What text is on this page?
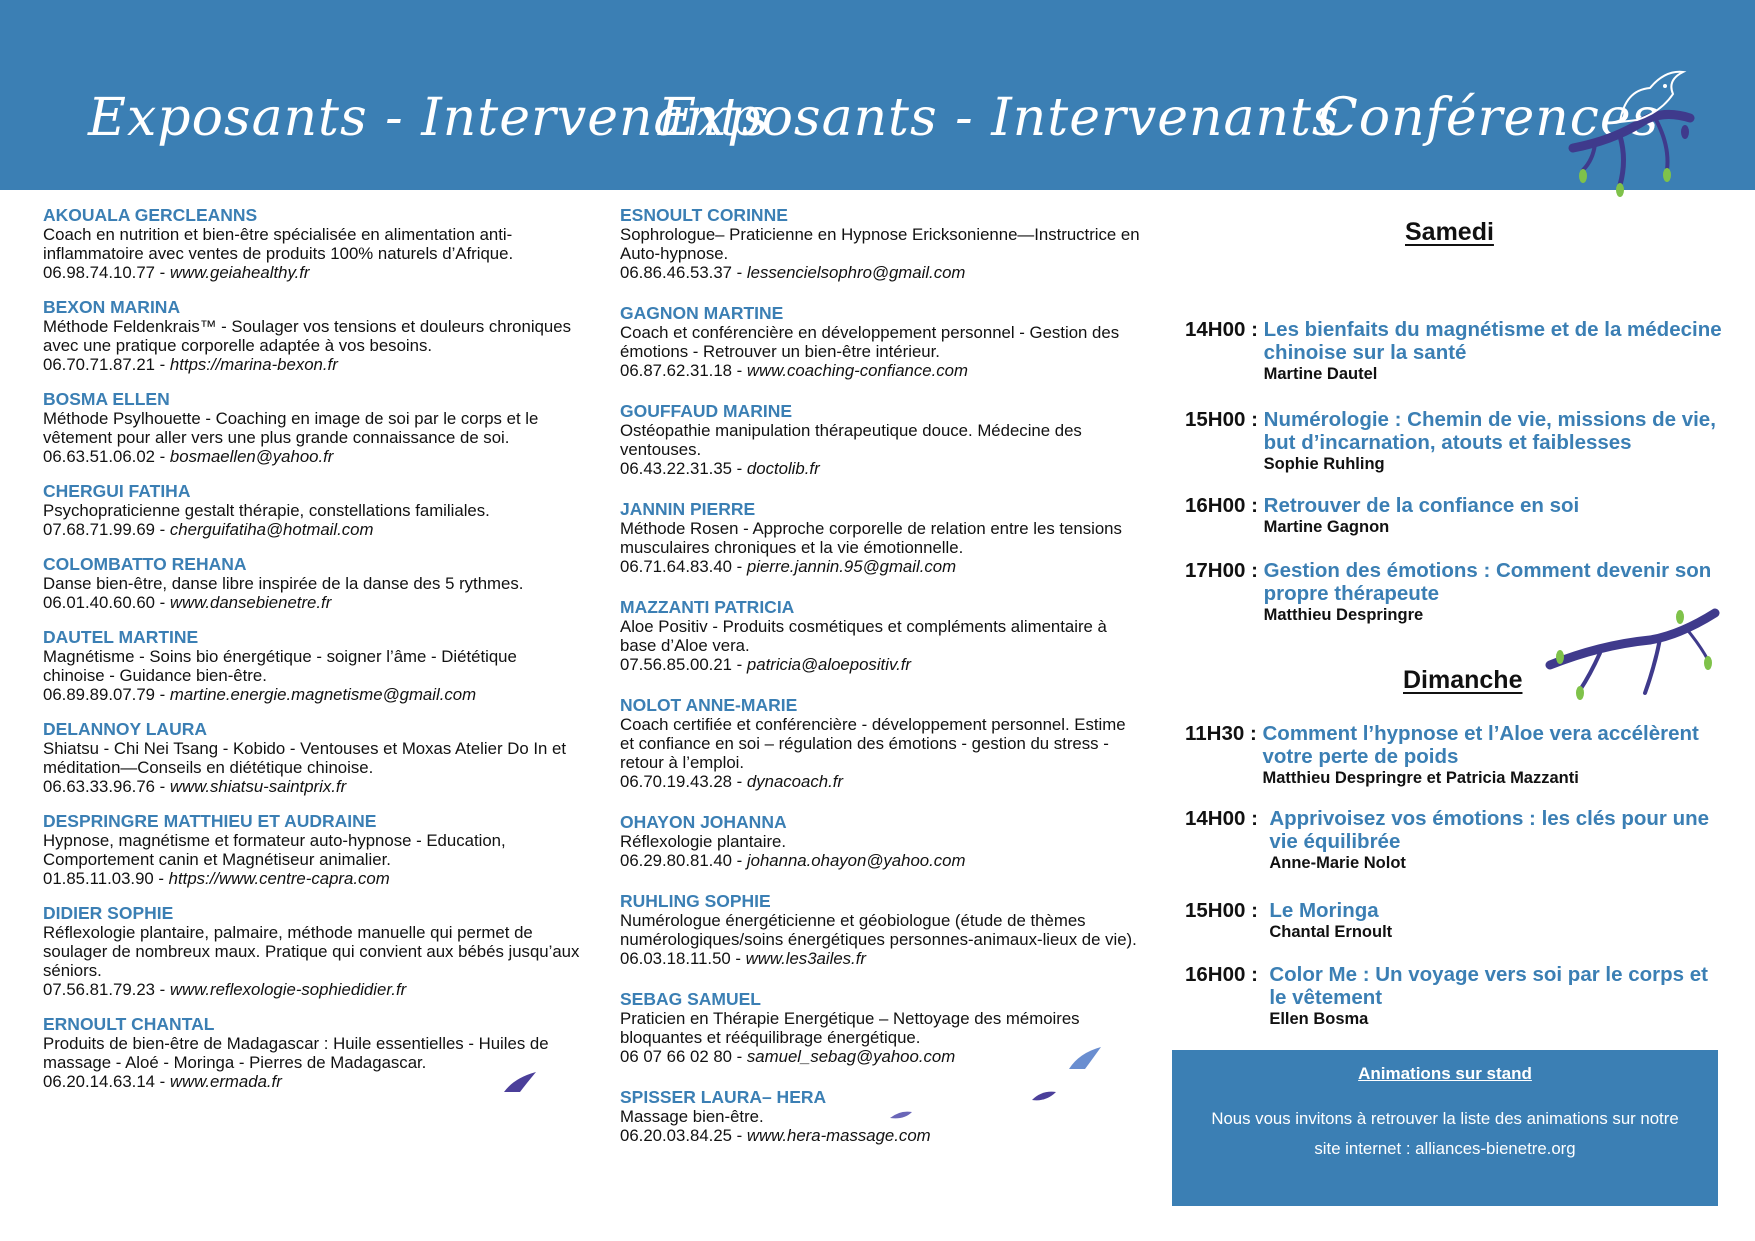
Exposants - Intervenants
Exposants - Intervenants
Conférences
AKOUALA GERCLEANNS
Coach en nutrition et bien-être spécialisée en alimentation anti-inflammatoire avec ventes de produits 100% naturels d’Afrique.
06.98.74.10.77 - www.geiahealthy.fr
BEXON MARINA
Méthode Feldenkrais™ - Soulager vos tensions et douleurs chroniques avec une pratique corporelle adaptée à vos besoins.
06.70.71.87.21 - https://marina-bexon.fr
BOSMA ELLEN
Méthode Psylhouette - Coaching en image de soi par le corps et le vêtement pour aller vers une plus grande connaissance de soi.
06.63.51.06.02 - bosmaellen@yahoo.fr
CHERGUI FATIHA
Psychopraticienne gestalt thérapie, constellations familiales.
07.68.71.99.69 - cherguifatiha@hotmail.com
COLOMBATTO REHANA
Danse bien-être, danse libre inspirée de la danse des 5 rythmes.
06.01.40.60.60 - www.dansebienetre.fr
DAUTEL MARTINE
Magnétisme - Soins bio énergétique - soigner l’âme - Diététique chinoise - Guidance bien-être.
06.89.89.07.79 - martine.energie.magnetisme@gmail.com
DELANNOY LAURA
Shiatsu - Chi Nei Tsang - Kobido - Ventouses et Moxas Atelier Do In et méditation—Conseils en diététique chinoise.
06.63.33.96.76 - www.shiatsu-saintprix.fr
DESPRINGRE MATTHIEU ET AUDRAINE
Hypnose, magnétisme et formateur auto-hypnose - Education, Comportement canin et Magnétiseur animalier.
01.85.11.03.90 - https://www.centre-capra.com
DIDIER SOPHIE
Réflexologie plantaire, palmaire, méthode manuelle qui permet de soulager de nombreux maux. Pratique qui convient aux bébés jusqu’aux séniors.
07.56.81.79.23 - www.reflexologie-sophiedidier.fr
ERNOULT CHANTAL
Produits de bien-être de Madagascar : Huile essentielles - Huiles de massage - Aloé - Moringa - Pierres de Madagascar.
06.20.14.63.14 - www.ermada.fr
ESNOULT CORINNE
Sophrologue– Praticienne en Hypnose Ericksonienne—Instructrice en Auto-hypnose.
06.86.46.53.37 - lessencielsophro@gmail.com
GAGNON MARTINE
Coach et conférencière en développement personnel - Gestion des émotions - Retrouver un bien-être intérieur.
06.87.62.31.18 - www.coaching-confiance.com
GOUFFAUD MARINE
Ostéopathie manipulation thérapeutique douce. Médecine des ventouses.
06.43.22.31.35 - doctolib.fr
JANNIN PIERRE
Méthode Rosen - Approche corporelle de relation entre les tensions musculaires chroniques et la vie émotionnelle.
06.71.64.83.40 - pierre.jannin.95@gmail.com
MAZZANTI PATRICIA
Aloe Positiv - Produits cosmétiques et compléments alimentaire à base d’Aloe vera.
07.56.85.00.21 - patricia@aloepositiv.fr
NOLOT ANNE-MARIE
Coach certifiée et conférencière - développement personnel. Estime et confiance en soi – régulation des émotions - gestion du stress - retour à l’emploi.
06.70.19.43.28 - dynacoach.fr
OHAYON JOHANNA
Réflexologie plantaire.
06.29.80.81.40 - johanna.ohayon@yahoo.com
RUHLING SOPHIE
Numérologue énergéticienne et géobiologue (étude de thèmes numérologiques/soins énergétiques personnes-animaux-lieux de vie).
06.03.18.11.50 - www.les3ailes.fr
SEBAG SAMUEL
Praticien en Thérapie Energétique – Nettoyage des mémoires bloquantes et rééquilibrage énergétique.
06 07 66 02 80 - samuel_sebag@yahoo.com
SPISSER LAURA– HERA
Massage bien-être.
06.20.03.84.25 - www.hera-massage.com
Samedi
Dimanche
14H00 : Les bienfaits du magnétisme et de la médecine chinoise sur la santé
Martine Dautel
15H00 : Numérologie : Chemin de vie, missions de vie, but d’incarnation, atouts et faiblesses
Sophie Ruhling
16H00 : Retrouver de la confiance en soi
Martine Gagnon
17H00 : Gestion des émotions : Comment devenir son propre thérapeute
Matthieu Despringre
11H30 : Comment l’hypnose et l’Aloe vera accélèrent votre perte de poids
Matthieu Despringre et Patricia Mazzanti
14H00 : Apprivoisez vos émotions : les clés pour une vie équilibrée
Anne-Marie Nolot
15H00 : Le Moringa
Chantal Ernoult
16H00 : Color Me : Un voyage vers soi par le corps et le vêtement
Ellen Bosma
Animations sur stand
Nous vous invitons à retrouver la liste des animations sur notre site internet : alliances-bienetre.org
